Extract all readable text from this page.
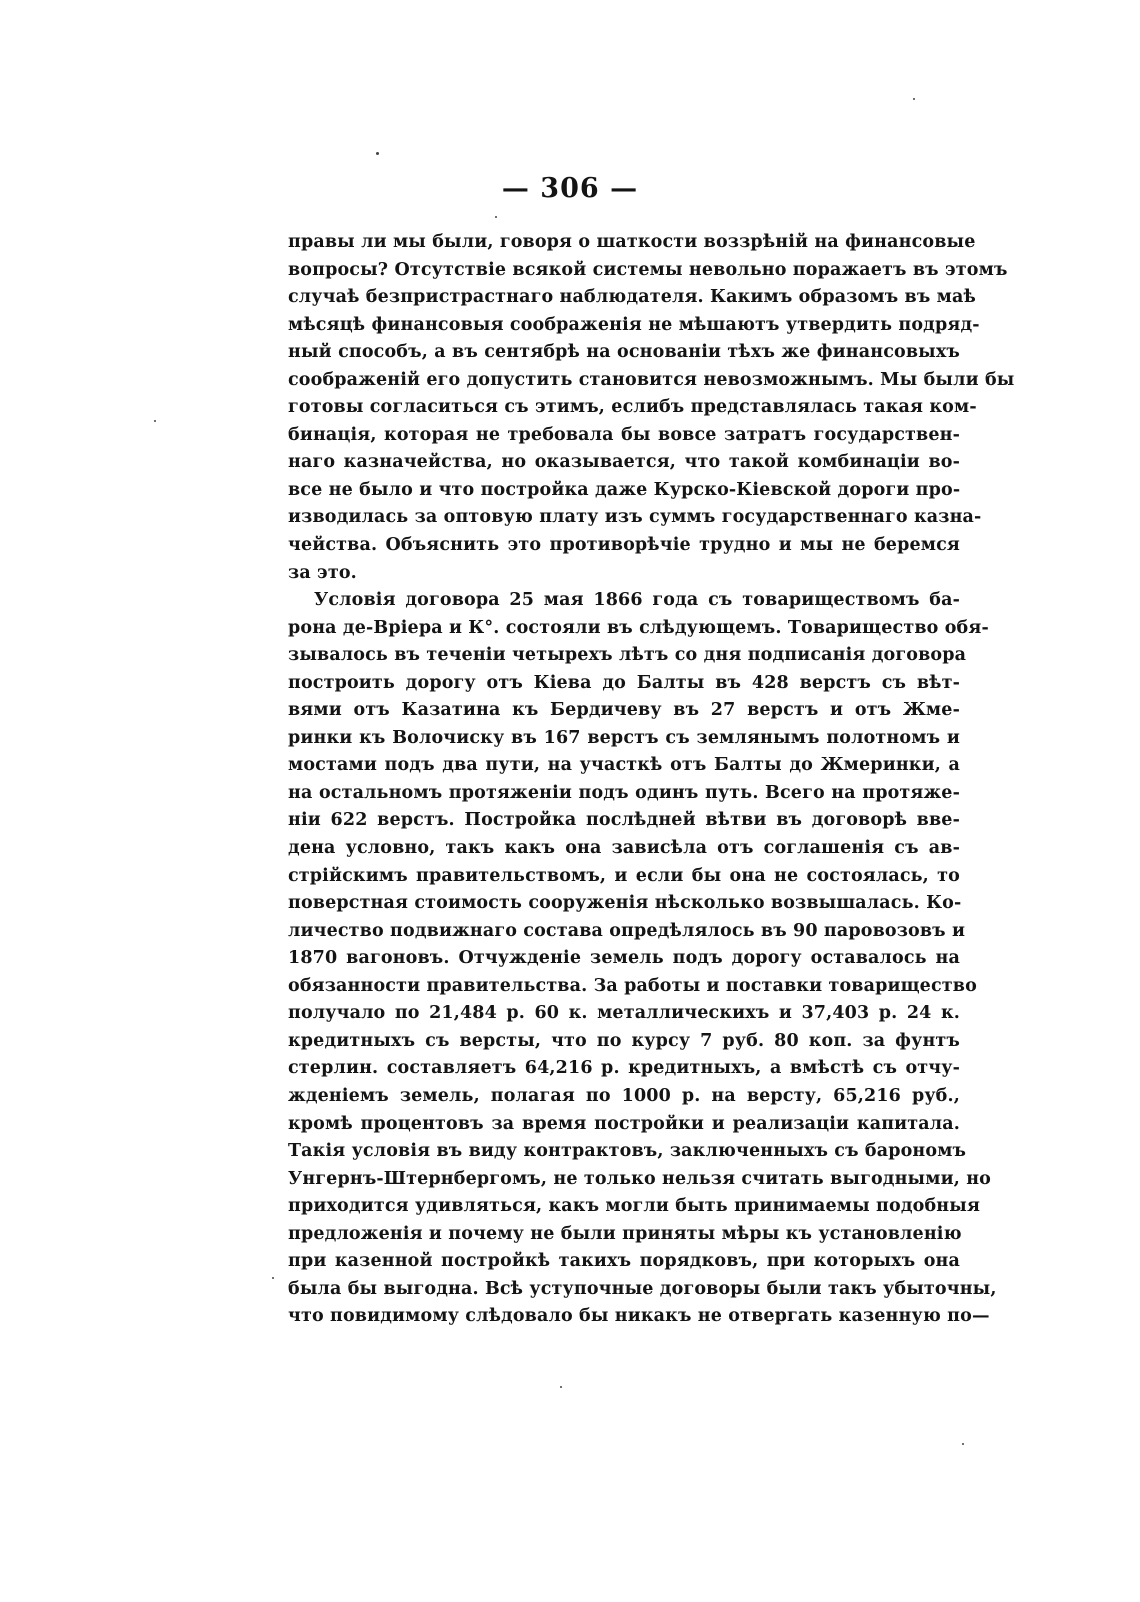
— 306 —
правы ли мы были, говоря о шаткости воззрѣній на финансовые
вопросы? Отсутствіе всякой системы невольно поражаетъ въ этомъ
случаѣ безпристрастнаго наблюдателя. Какимъ образомъ въ маѣ
мѣсяцѣ финансовыя соображенія не мѣшаютъ утвердить подряд-
ный способъ, а въ сентябрѣ на основаніи тѣхъ же финансовыхъ
соображеній его допустить становится невозможнымъ. Мы были бы
готовы согласиться съ этимъ, еслибъ представлялась такая ком-
бинація, которая не требовала бы вовсе затратъ государствен-
наго казначейства, но оказывается, что такой комбинаціи во-
все не было и что постройка даже Курско-Кіевской дороги про-
изводилась за оптовую плату изъ суммъ государственнаго казна-
чейства. Объяснить это противорѣчіе трудно и мы не беремся
за это.
Условія договора 25 мая 1866 года съ товариществомъ ба-
рона де-Вріера и К°. состояли въ слѣдующемъ. Товарищество обя-
зывалось въ теченіи четырехъ лѣтъ со дня подписанія договора
построить дорогу отъ Кіева до Балты въ 428 верстъ съ вѣт-
вями отъ Казатина къ Бердичеву въ 27 верстъ и отъ Жме-
ринки къ Волочиску въ 167 верстъ съ землянымъ полотномъ и
мостами подъ два пути, на участкѣ отъ Балты до Жмеринки, а
на остальномъ протяженіи подъ одинъ путь. Всего на протяже-
ніи 622 верстъ. Постройка послѣдней вѣтви въ договорѣ вве-
дена условно, такъ какъ она зависѣла отъ соглашенія съ ав-
стрійскимъ правительствомъ, и если бы она не состоялась, то
поверстная стоимость сооруженія нѣсколько возвышалась. Ко-
личество подвижнаго состава опредѣлялось въ 90 паровозовъ и
1870 вагоновъ. Отчужденіе земель подъ дорогу оставалось на
обязанности правительства. За работы и поставки товарищество
получало по 21,484 р. 60 к. металлическихъ и 37,403 р. 24 к.
кредитныхъ съ версты, что по курсу 7 руб. 80 коп. за фунтъ
стерлин. составляетъ 64,216 р. кредитныхъ, а вмѣстѣ съ отчу-
жденіемъ земель, полагая по 1000 р. на версту, 65,216 руб.,
кромѣ процентовъ за время постройки и реализаціи капитала.
Такія условія въ виду контрактовъ, заключенныхъ съ барономъ
Унгернъ-Штернбергомъ, не только нельзя считать выгодными, но
приходится удивляться, какъ могли быть принимаемы подобныя
предложенія и почему не были приняты мѣры къ установленію
при казенной постройкѣ такихъ порядковъ, при которыхъ она
была бы выгодна. Всѣ уступочные договоры были такъ убыточны,
что повидимому слѣдовало бы никакъ не отвергать казенную по—
